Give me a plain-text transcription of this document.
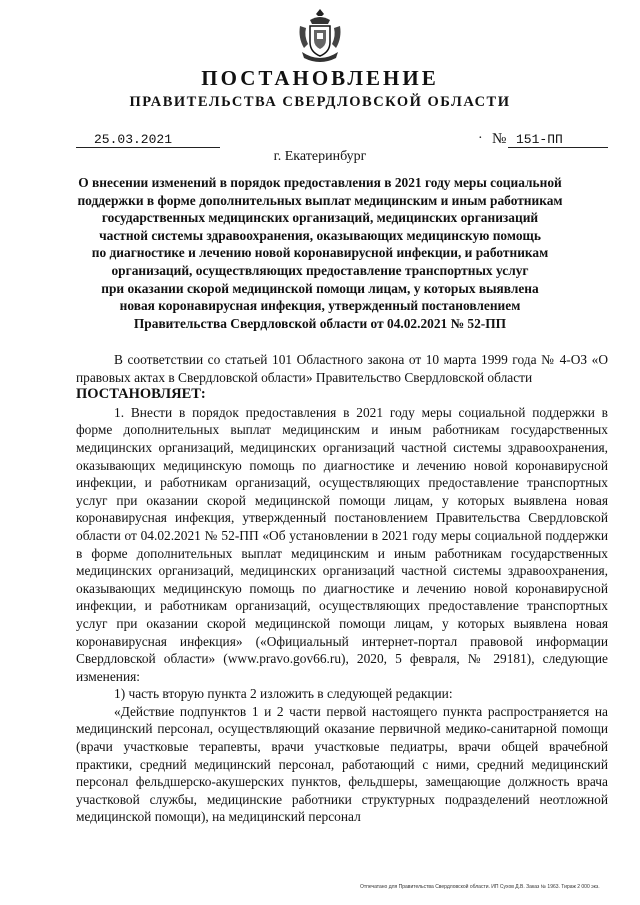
ПОСТАНОВЛЕНИЕ
ПРАВИТЕЛЬСТВА СВЕРДЛОВСКОЙ ОБЛАСТИ
25.03.2021	· № 151-ПП
г. Екатеринбург
О внесении изменений в порядок предоставления в 2021 году меры социальной
поддержки в форме дополнительных выплат медицинским и иным работникам
государственных медицинских организаций, медицинских организаций
частной системы здравоохранения, оказывающих медицинскую помощь
по диагностике и лечению новой коронавирусной инфекции, и работникам
организаций, осуществляющих предоставление транспортных услуг
при оказании скорой медицинской помощи лицам, у которых выявлена
новая коронавирусная инфекция, утвержденный постановлением
Правительства Свердловской области от 04.02.2021 № 52-ПП

В соответствии со статьей 101 Областного закона от 10 марта 1999 года № 4-ОЗ «О правовых актах в Свердловской области» Правительство Свердловской области

ПОСТАНОВЛЯЕТ:

1. Внести в порядок предоставления в 2021 году меры социальной поддержки в форме дополнительных выплат медицинским и иным работникам государственных медицинских организаций, медицинских организаций частной системы здравоохранения, оказывающих медицинскую помощь по диагностике и лечению новой коронавирусной инфекции, и работникам организаций, осуществляющих предоставление транспортных услуг при оказании скорой медицинской помощи лицам, у которых выявлена новая коронавирусная инфекция, утвержденный постановлением Правительства Свердловской области от 04.02.2021 № 52-ПП «Об установлении в 2021 году меры социальной поддержки в форме дополнительных выплат медицинским и иным работникам государственных медицинских организаций, медицинских организаций частной системы здравоохранения, оказывающих медицинскую помощь по диагностике и лечению новой коронавирусной инфекции, и работникам организаций, осуществляющих предоставление транспортных услуг при оказании скорой медицинской помощи лицам, у которых выявлена новая коронавирусная инфекция» («Официальный интернет-портал правовой информации Свердловской области» (www.pravo.gov66.ru), 2020, 5 февраля, № 29181), следующие изменения:

1) часть вторую пункта 2 изложить в следующей редакции:

«Действие подпунктов 1 и 2 части первой настоящего пункта распространяется на медицинский персонал, осуществляющий оказание первичной медико-санитарной помощи (врачи участковые терапевты, врачи участковые педиатры, врачи общей врачебной практики, средний медицинский персонал, работающий с ними, средний медицинский персонал фельдшерско-акушерских пунктов, фельдшеры, замещающие должность врача участковой службы, медицинские работники структурных подразделений неотложной медицинской помощи), на медицинский персонал

Отпечатано для Правительства Свердловской области. ИП Сухов Д.В. Заказ № 1963. Тираж 2 000 экз.
